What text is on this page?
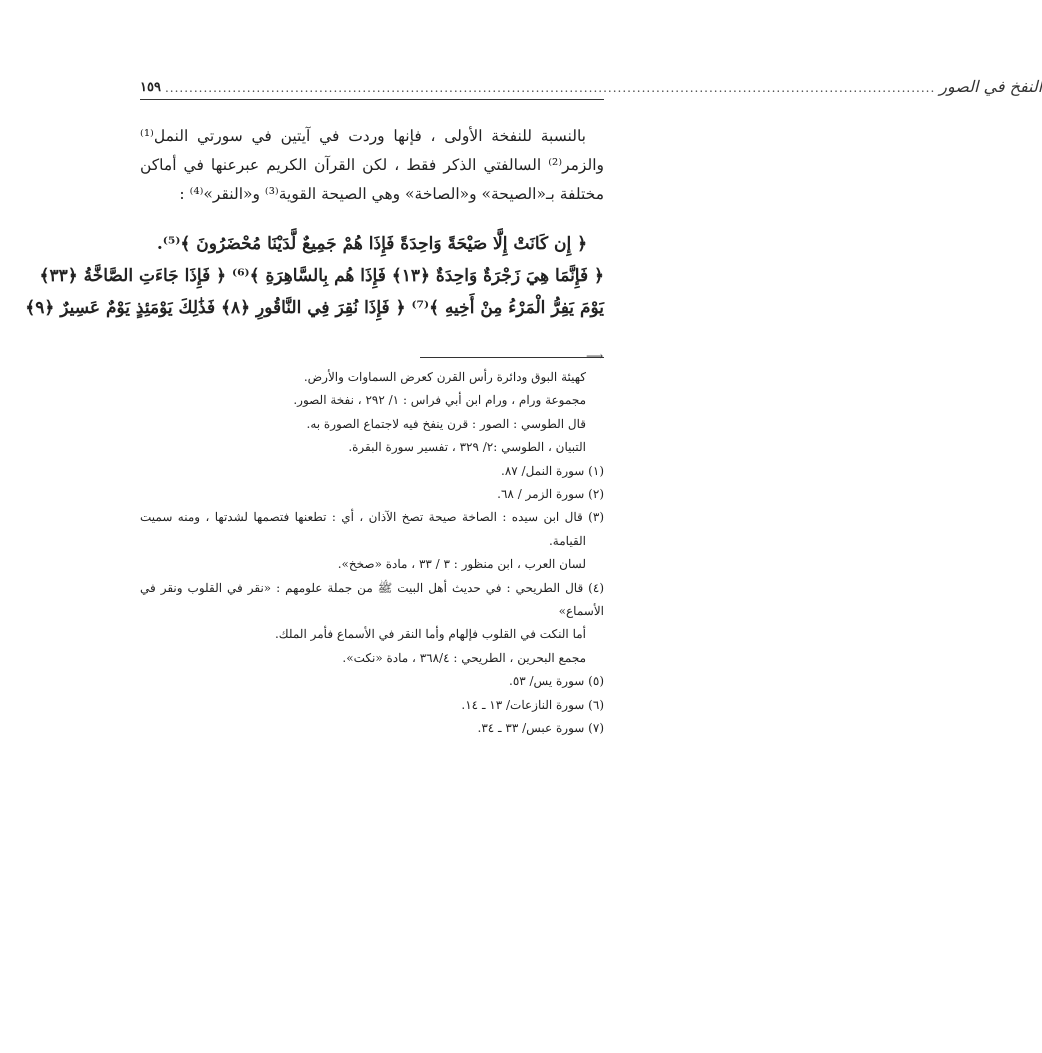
١٥٩ ................................................................................................................................................................ النفخ في الصور

بالنسبة للنفخة الأولى ، فإنها وردت في آيتين في سورتي النمل⁽¹⁾ والزمر⁽²⁾ السالفتي الذكر فقط ، لكن القرآن الكريم عبرعنها في أماكن مختلفة بـ«الصيحة» و«الصاخة» وهي الصيحة القوية⁽³⁾ و«النقر»⁽⁴⁾ :

﴿ إِن كَانَتْ إِلَّا صَيْحَةً وَاحِدَةً فَإِذَا هُمْ جَمِيعٌ لَّدَيْنَا مُحْضَرُونَ ﴾⁽⁵⁾.
﴿ فَإِنَّمَا هِيَ زَجْرَةٌ وَاحِدَةٌ ﴿١٣﴾ فَإِذَا هُم بِالسَّاهِرَةِ ﴾⁽⁶⁾ ﴿ فَإِذَا جَاءَتِ الصَّاخَّةُ ﴿٣٣﴾
يَوْمَ يَفِرُّ الْمَرْءُ مِنْ أَخِيهِ ﴾⁽⁷⁾ ﴿ فَإِذَا نُقِرَ فِي النَّاقُورِ ﴿٨﴾ فَذَٰلِكَ يَوْمَئِذٍ يَوْمٌ عَسِيرٌ ﴿٩﴾
⟶
كهيئة البوق ودائرة رأس القرن كعرض السماوات والأرض.
مجموعة ورام ، ورام ابن أبي فراس : ١/ ٢٩٢ ، نفخة الصور.
قال الطوسي : الصور : قرن ينفخ فيه لاجتماع الصورة به.
التبيان ، الطوسي :٢/ ٣٢٩ ، تفسير سورة البقرة.
(١) سورة النمل/ ٨٧.
(٢) سورة الزمر / ٦٨.
(٣) قال ابن سيده : الصاخة صيحة تصخ الآذان ، أي : تطعنها فتصمها لشدتها ، ومنه سميت
القيامة.
لسان العرب ، ابن منظور : ٣ / ٣٣ ، مادة «صخخ».
(٤) قال الطريحي : في حديث أهل البيت ﷺ من جملة علومهم : «نقر في القلوب ونقر في الأسماع»
أما النكت في القلوب فإلهام وأما النقر في الأسماع فأمر الملك.
مجمع البحرين ، الطريحي : ٣٦٨/٤ ، مادة «نكت».
(٥) سورة يس/ ٥٣.
(٦) سورة النازعات/ ١٣ ـ ١٤.
(٧) سورة عبس/ ٣٣ ـ ٣٤.
